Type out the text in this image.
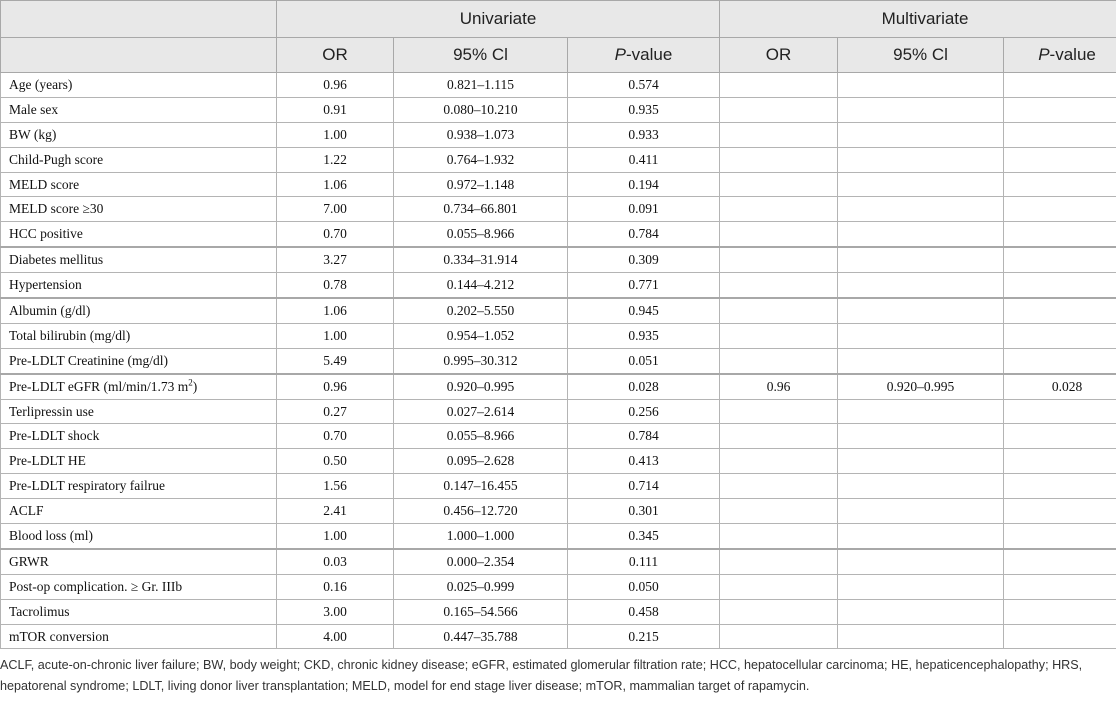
	Univariate			Multivariate		
	OR	95% Cl	P-value	OR	95% Cl	P-value
Age (years)	0.96	0.821–1.115	0.574			
Male sex	0.91	0.080–10.210	0.935			
BW (kg)	1.00	0.938–1.073	0.933			
Child-Pugh score	1.22	0.764–1.932	0.411			
MELD score	1.06	0.972–1.148	0.194			
MELD score ≥30	7.00	0.734–66.801	0.091			
HCC positive	0.70	0.055–8.966	0.784			
Diabetes mellitus	3.27	0.334–31.914	0.309			
Hypertension	0.78	0.144–4.212	0.771			
Albumin (g/dl)	1.06	0.202–5.550	0.945			
Total bilirubin (mg/dl)	1.00	0.954–1.052	0.935			
Pre-LDLT Creatinine (mg/dl)	5.49	0.995–30.312	0.051			
Pre-LDLT eGFR (ml/min/1.73 $m^2$)	0.96	0.920–0.995	0.028	0.96	0.920–0.995	0.028
Terlipressin use	0.27	0.027–2.614	0.256			
Pre-LDLT shock	0.70	0.055–8.966	0.784			
Pre-LDLT HE	0.50	0.095–2.628	0.413			
Pre-LDLT respiratory failrue	1.56	0.147–16.455	0.714			
ACLF	2.41	0.456–12.720	0.301			
Blood loss (ml)	1.00	1.000–1.000	0.345			
GRWR	0.03	0.000–2.354	0.111			
Post-op complication. ≥ Gr. IIIb	0.16	0.025–0.999	0.050			
Tacrolimus	3.00	0.165–54.566	0.458			
mTOR conversion	4.00	0.447–35.788	0.215			

ACLF, acute-on-chronic liver failure; BW, body weight; CKD, chronic kidney disease; eGFR, estimated glomerular filtration rate; HCC, hepatocellular carcinoma; HE, hepaticencephalopathy; HRS, hepatorenal syndrome; LDLT, living donor liver transplantation; MELD, model for end stage liver disease; mTOR, mammalian target of rapamycin.
